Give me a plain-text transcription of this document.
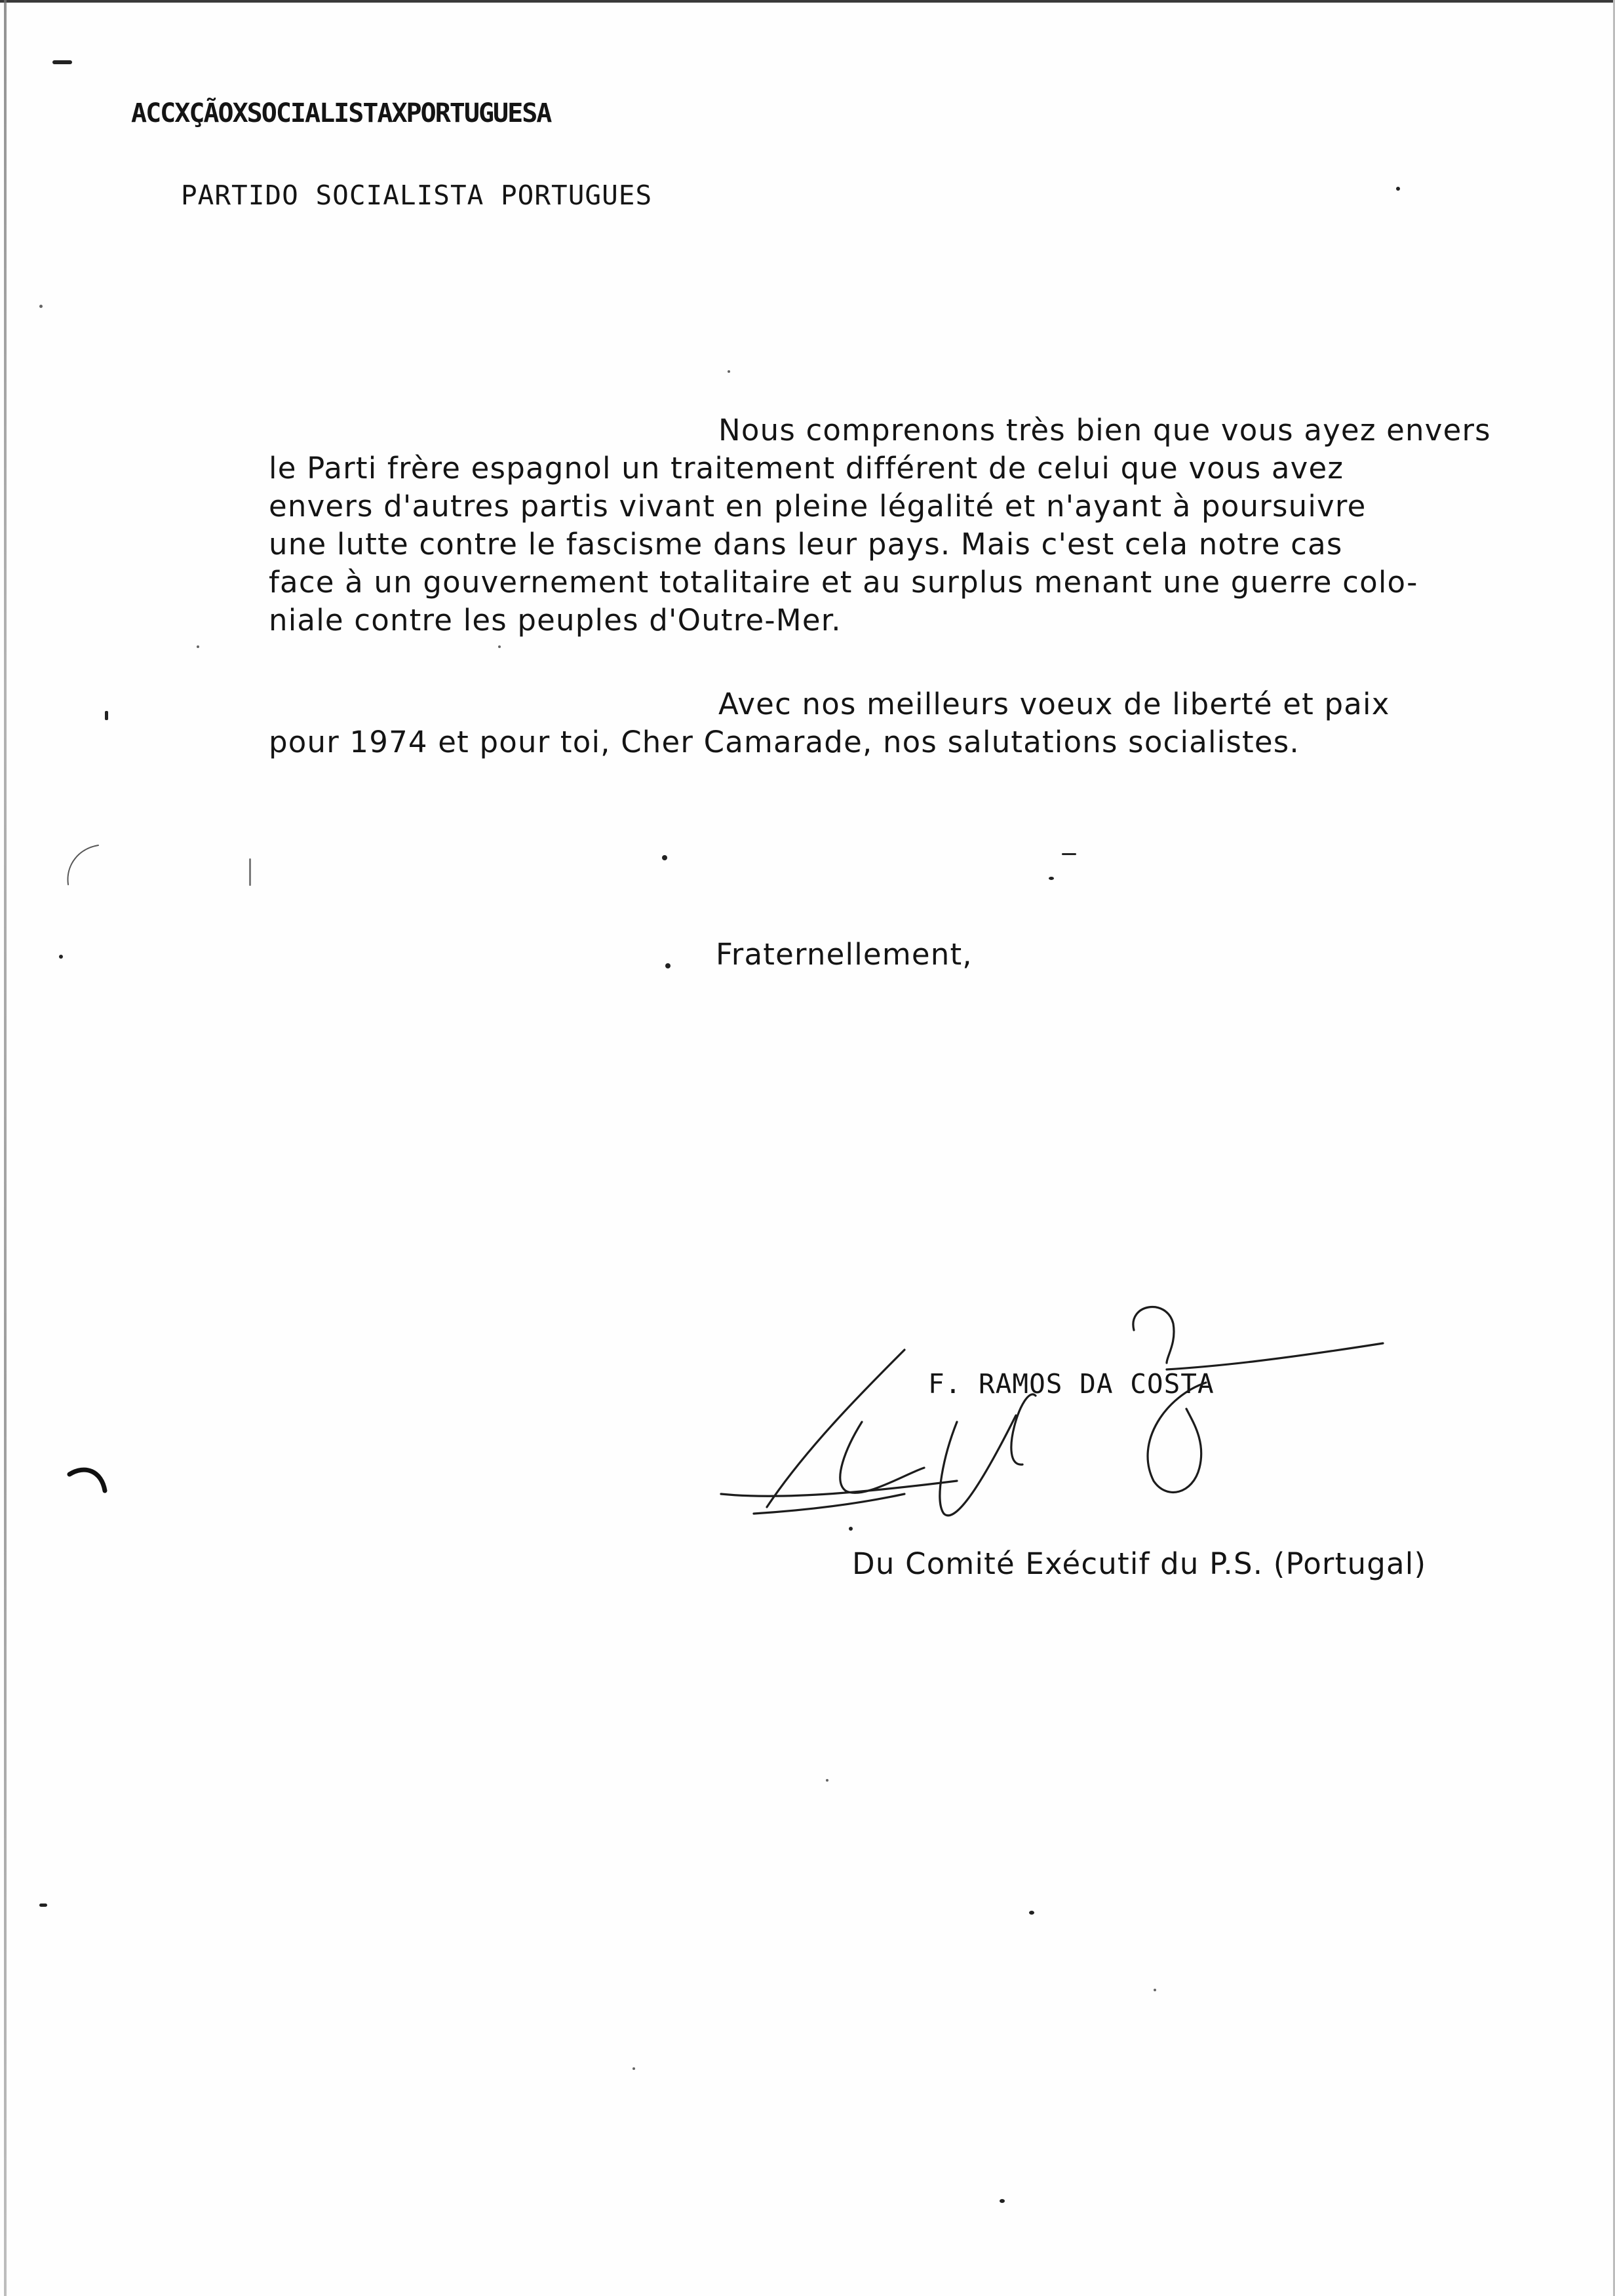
ACCXÇÃOXSOCIALISTAXPORTUGUESA
PARTIDO SOCIALISTA PORTUGUES
Nous comprenons très bien que vous ayez envers
le Parti frère espagnol un traitement différent de celui que vous avez
envers d'autres partis vivant en pleine légalité et n'ayant à poursuivre
une lutte contre le fascisme dans leur pays. Mais c'est cela notre cas
face à un gouvernement totalitaire et au surplus menant une guerre colo-
niale contre les peuples d'Outre-Mer.
Avec nos meilleurs voeux de liberté et paix
pour 1974 et pour toi, Cher Camarade, nos salutations socialistes.
Fraternellement,
F. RAMOS DA COSTA
Du Comité Exécutif du P.S. (Portugal)
